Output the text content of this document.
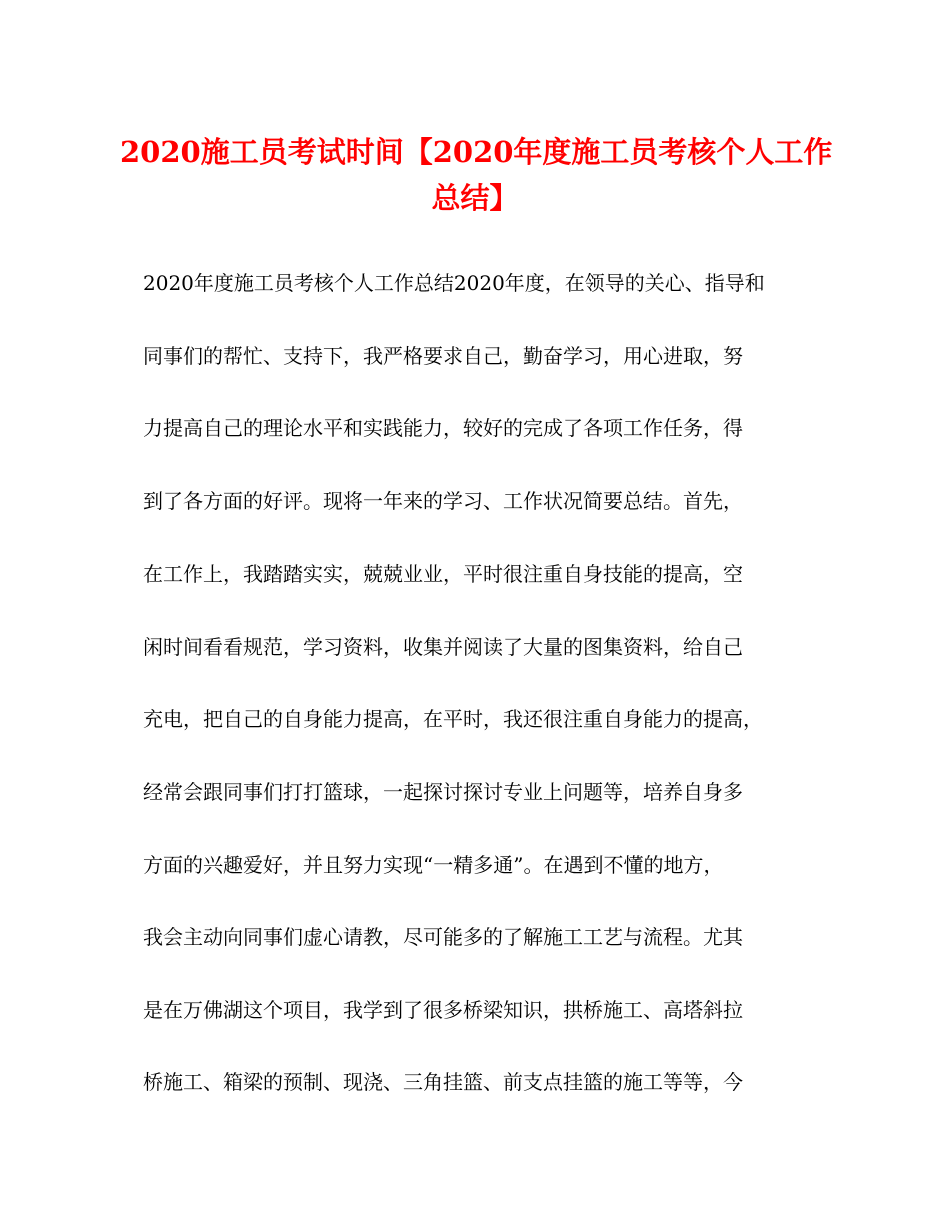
2020施工员考试时间【2020年度施工员考核个人工作
总结】
2020年度施工员考核个人工作总结2020年度，在领导的关心、指导和
同事们的帮忙、支持下，我严格要求自己，勤奋学习，用心进取，努
力提高自己的理论水平和实践能力，较好的完成了各项工作任务，得
到了各方面的好评。现将一年来的学习、工作状况简要总结。首先，
在工作上，我踏踏实实，兢兢业业，平时很注重自身技能的提高，空
闲时间看看规范，学习资料，收集并阅读了大量的图集资料，给自己
充电，把自己的自身能力提高，在平时，我还很注重自身能力的提高，
经常会跟同事们打打篮球，一起探讨探讨专业上问题等，培养自身多
方面的兴趣爱好，并且努力实现“一精多通”。在遇到不懂的地方，
我会主动向同事们虚心请教，尽可能多的了解施工工艺与流程。尤其
是在万佛湖这个项目，我学到了很多桥梁知识，拱桥施工、高塔斜拉
桥施工、箱梁的预制、现浇、三角挂篮、前支点挂篮的施工等等，今
